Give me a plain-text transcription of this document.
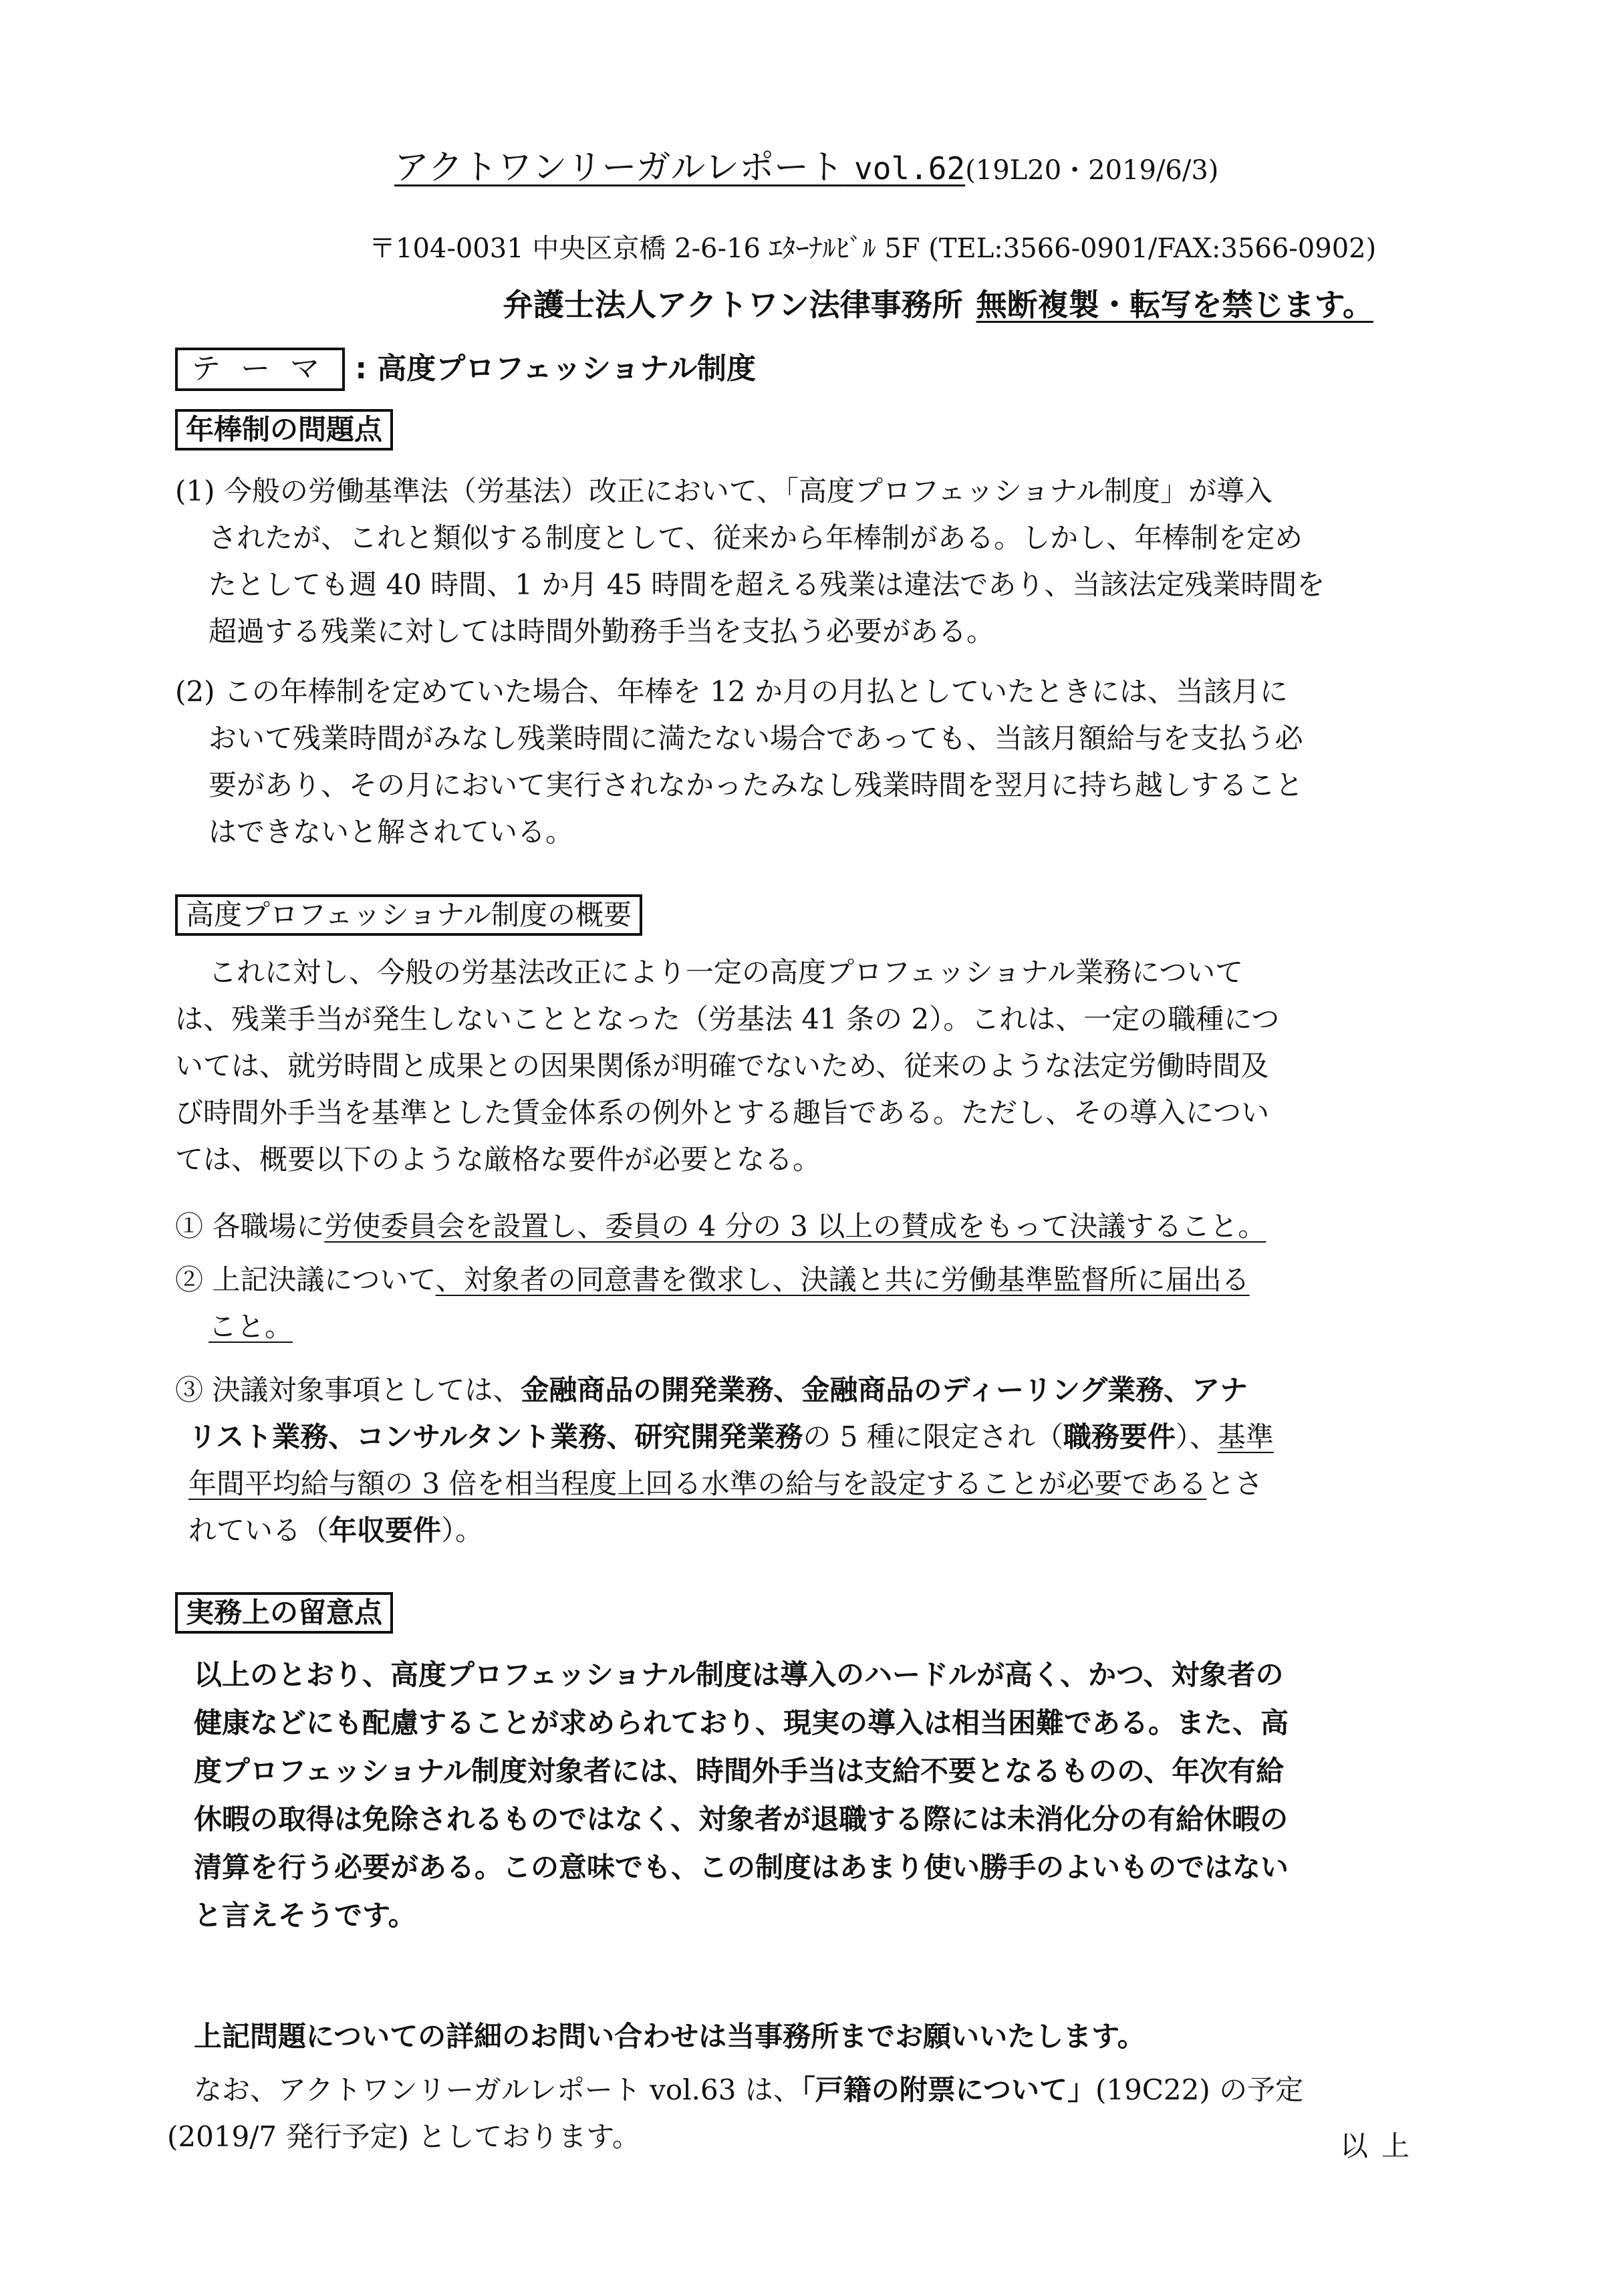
アクトワンリーガルレポート vol.62(19L20・2019/6/3)
〒104-0031 中央区京橋 2-6-16 ｴﾀｰﾅﾙﾋﾞﾙ 5F (TEL:3566-0901/FAX:3566-0902)
弁護士法人アクトワン法律事務所 無断複製・転写を禁じます。
テーマ : 高度プロフェッショナル制度
年棒制の問題点
(1) 今般の労働基準法（労基法）改正において、「高度プロフェッショナル制度」が導入
されたが、これと類似する制度として、従来から年棒制がある。しかし、年棒制を定め
たとしても週 40 時間、1 か月 45 時間を超える残業は違法であり、当該法定残業時間を
超過する残業に対しては時間外勤務手当を支払う必要がある。
(2) この年棒制を定めていた場合、年棒を 12 か月の月払としていたときには、当該月に
おいて残業時間がみなし残業時間に満たない場合であっても、当該月額給与を支払う必
要があり、その月において実行されなかったみなし残業時間を翌月に持ち越しすること
はできないと解されている。
高度プロフェッショナル制度の概要
これに対し、今般の労基法改正により一定の高度プロフェッショナル業務について
は、残業手当が発生しないこととなった（労基法 41 条の 2）。これは、一定の職種につ
いては、就労時間と成果との因果関係が明確でないため、従来のような法定労働時間及
び時間外手当を基準とした賃金体系の例外とする趣旨である。ただし、その導入につい
ては、概要以下のような厳格な要件が必要となる。
① 各職場に労使委員会を設置し、委員の 4 分の 3 以上の賛成をもって決議すること。
② 上記決議について、対象者の同意書を徴求し、決議と共に労働基準監督所に届出る
こと。
③ 決議対象事項としては、金融商品の開発業務、金融商品のディーリング業務、アナ
リスト業務、コンサルタント業務、研究開発業務の 5 種に限定され（職務要件）、基準
年間平均給与額の 3 倍を相当程度上回る水準の給与を設定することが必要であるとさ
れている（年収要件）。
実務上の留意点
以上のとおり、高度プロフェッショナル制度は導入のハードルが高く、かつ、対象者の
健康などにも配慮することが求められており、現実の導入は相当困難である。また、高
度プロフェッショナル制度対象者には、時間外手当は支給不要となるものの、年次有給
休暇の取得は免除されるものではなく、対象者が退職する際には未消化分の有給休暇の
清算を行う必要がある。この意味でも、この制度はあまり使い勝手のよいものではない
と言えそうです。
上記問題についての詳細のお問い合わせは当事務所までお願いいたします。
なお、アクトワンリーガルレポート vol.63 は、「戸籍の附票について」(19C22) の予定
(2019/7 発行予定) としております。	以上
